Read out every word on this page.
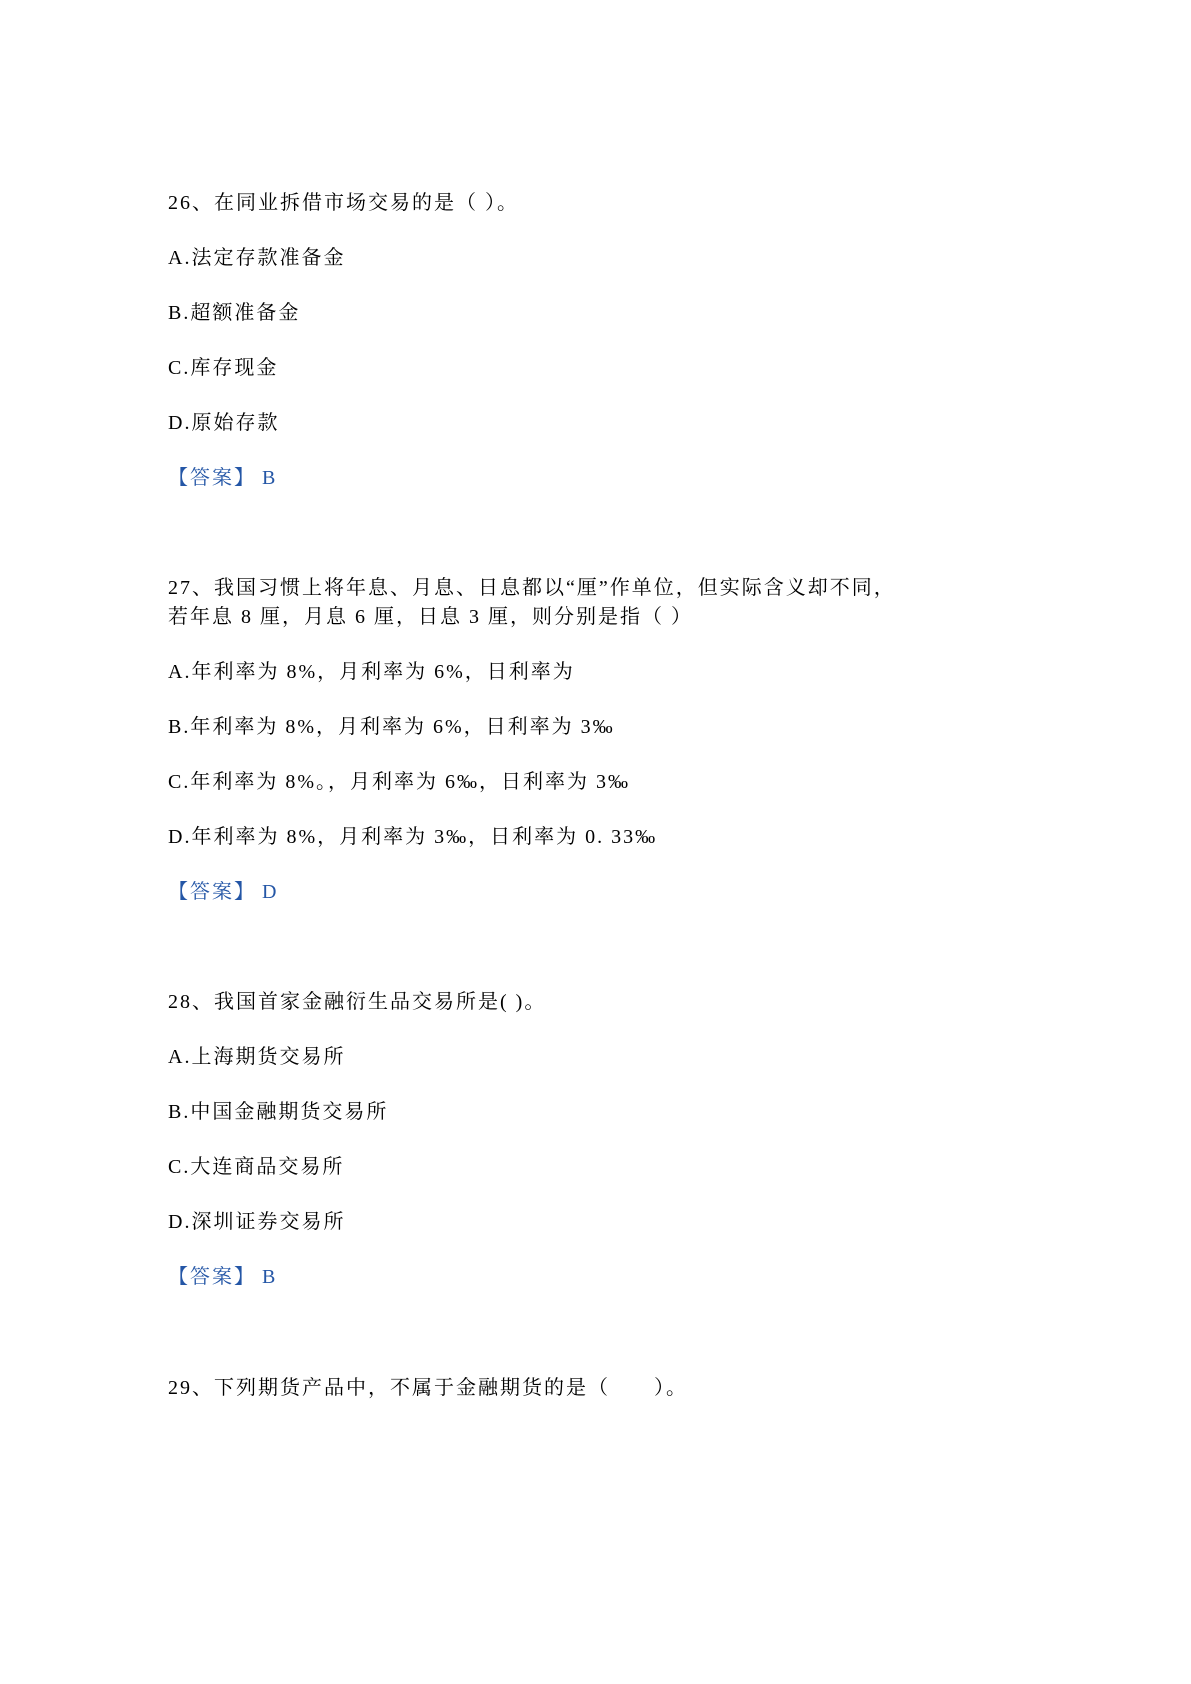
26、在同业拆借市场交易的是（ ）。
A.法定存款准备金
B.超额准备金
C.库存现金
D.原始存款
【答案】 B
27、我国习惯上将年息、月息、日息都以“厘”作单位，但实际含义却不同，
若年息 8 厘，月息 6 厘，日息 3 厘，则分别是指（ ）
A.年利率为 8%，月利率为 6%，日利率为
B.年利率为 8%，月利率为 6%，日利率为 3‰
C.年利率为 8%。，月利率为 6‰，日利率为 3‰
D.年利率为 8%，月利率为 3‰，日利率为 0. 33‰
【答案】 D
28、我国首家金融衍生品交易所是( )。
A.上海期货交易所
B.中国金融期货交易所
C.大连商品交易所
D.深圳证券交易所
【答案】 B
29、下列期货产品中，不属于金融期货的是（　　）。
